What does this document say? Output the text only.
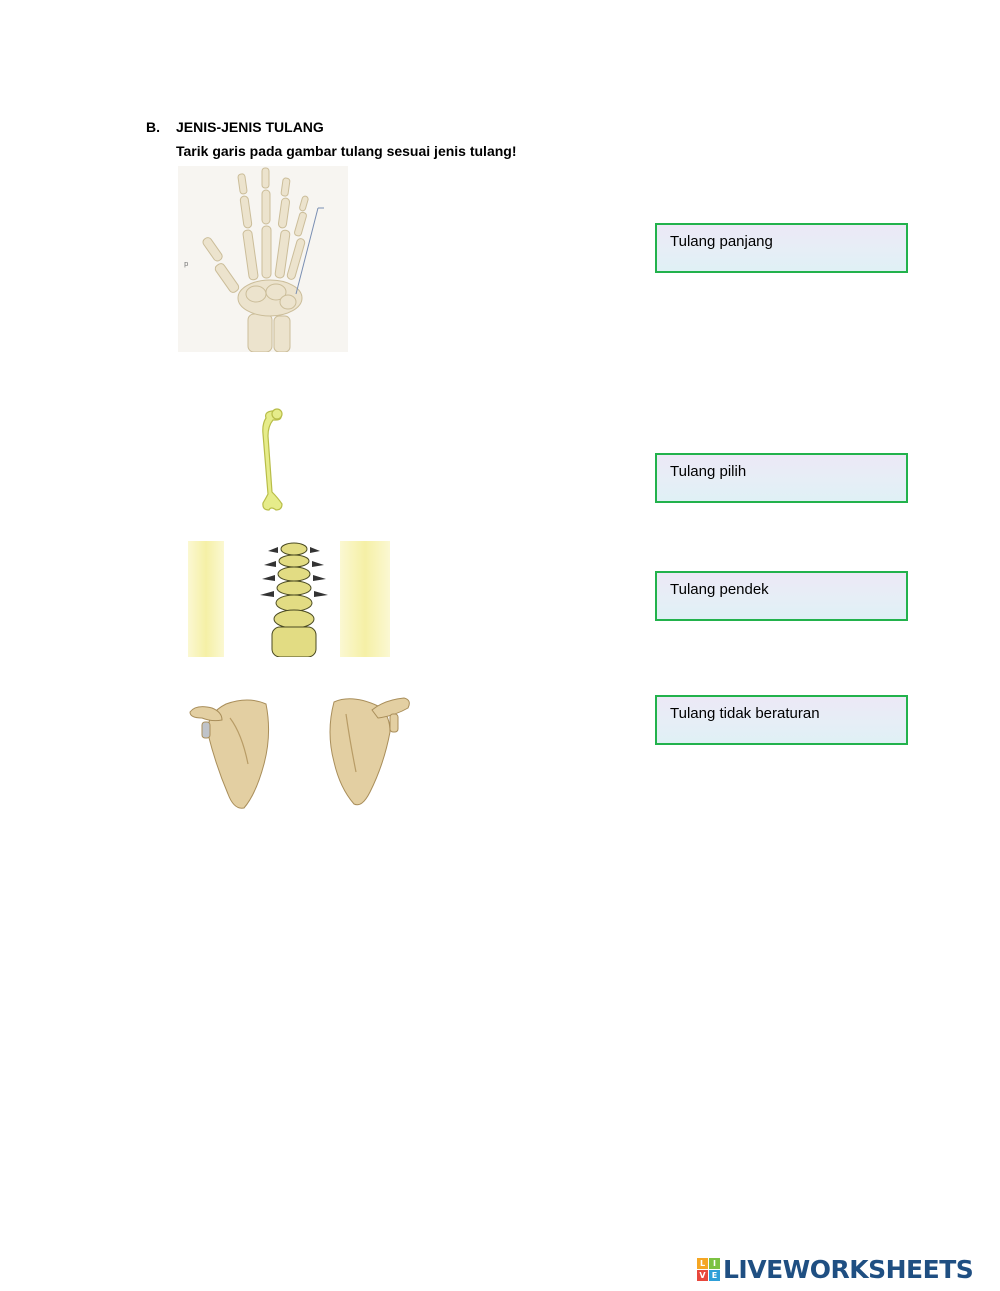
B.	JENIS-JENIS TULANG
Tarik garis pada gambar tulang sesuai jenis tulang!
p
Tulang panjang
Tulang pilih
Tulang pendek
Tulang tidak beraturan
L I
V E LIVEWORKSHEETS
